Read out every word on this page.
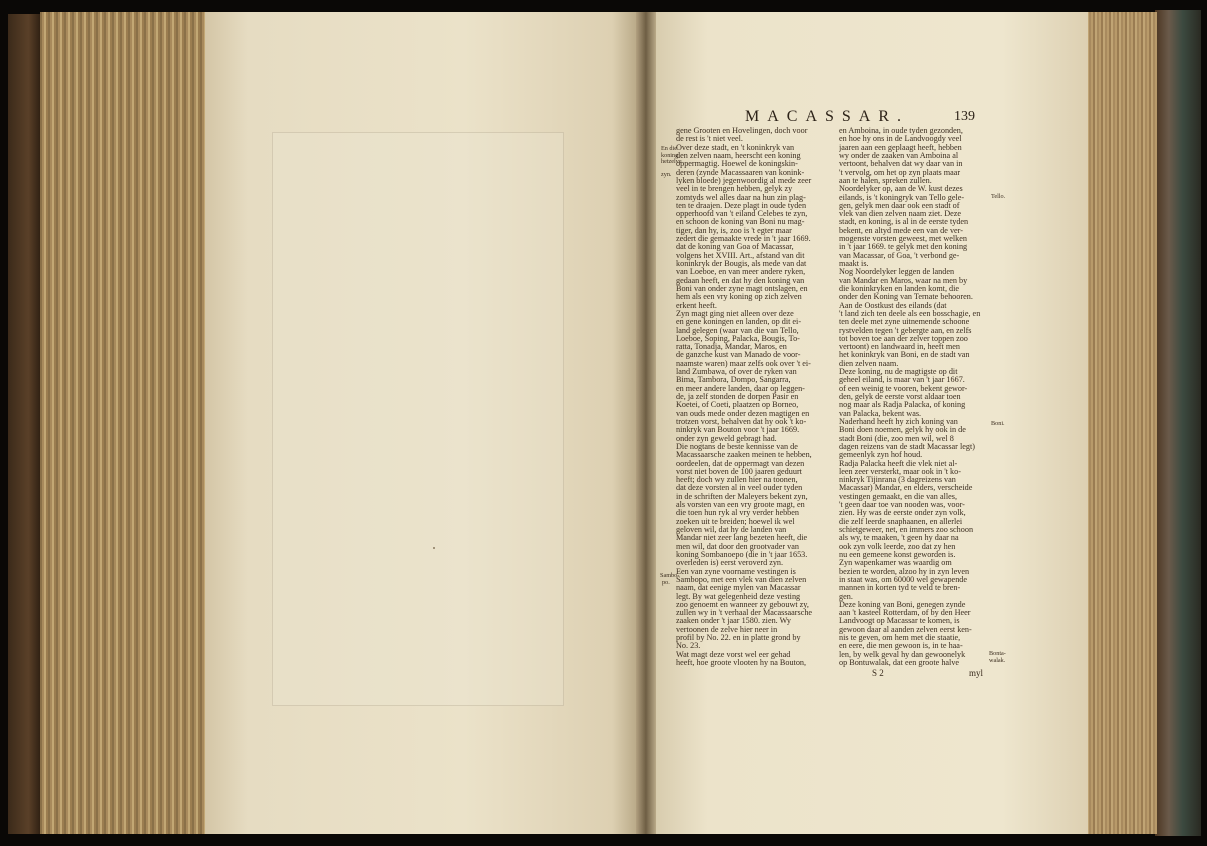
MACASSAR.	139
gene Grooten en Hovelingen, doch voor
de rest is 't niet veel.
Over deze stadt, en 't koninkryk van
den zelven naam, heerscht een koning
oppermagtig. Hoewel de koningskin-
deren (zynde Macassaaren van konink-
lyken bloede) jegenwoordig al mede zeer
veel in te brengen hebben, gelyk zy
zomtyds wel alles daar na hun zin plag-
ten te draajen. Deze plagt in oude tyden
opperhoofd van 't eiland Celebes te zyn,
en schoon de koning van Boni nu mag-
tiger, dan hy, is, zoo is 't egter maar
zedert die gemaakte vrede in 't jaar 1669.
dat de koning van Goa of Macassar,
volgens het XVIII. Art., afstand van dit
koninkryk der Bougis, als mede van dat
van Loeboe, en van meer andere ryken,
gedaan heeft, en dat hy den koning van
Boni van onder zyne magt ontslagen, en
hem als een vry koning op zich zelven
erkent heeft.
Zyn magt ging niet alleen over deze
en gene koningen en landen, op dit ei-
land gelegen (waar van die van Tello,
Loeboe, Soping, Palacka, Bougis, To-
ratta, Tonadja, Mandar, Maros, en
de ganzche kust van Manado de voor-
naamste waren) maar zelfs ook over 't ei-
land Zumbawa, of over de ryken van
Bima, Tambora, Dompo, Sangarra,
en meer andere landen, daar op leggen-
de, ja zelf stonden de dorpen Pasir en
Koetei, of Coeti, plaatzen op Borneo,
van ouds mede onder dezen magtigen en
trotzen vorst, behalven dat hy ook 't ko-
ninkryk van Bouton voor 't jaar 1669.
onder zyn geweld gebragt had.
Die nogtans de beste kennisse van de
Macassaarsche zaaken meinen te hebben,
oordeelen, dat de oppermagt van dezen
vorst niet boven de 100 jaaren geduurt
heeft; doch wy zullen hier na toonen,
dat deze vorsten al in veel ouder tyden
in de schriften der Maleyers bekent zyn,
als vorsten van een vry groote magt, en
die toen hun ryk al vry verder hebben
zoeken uit te breiden; hoewel ik wel
geloven wil, dat hy de landen van
Mandar niet zeer lang bezeten heeft, die
men wil, dat door den grootvader van
koning Sombanoepo (die in 't jaar 1653.
overleden is) eerst veroverd zyn.
Een van zyne voorname vestingen is
Sambopo, met een vlek van dien zelven
naam, dat eenige mylen van Macassar
legt. By wat gelegenheid deze vesting
zoo genoemt en wanneer zy gebouwt zy,
zullen wy in 't verhaal der Macassaarsche
zaaken onder 't jaar 1580. zien. Wy
vertoonen de zelve hier neer in
profil by No. 22. en in platte grond by
No. 23.
Wat magt deze vorst wel eer gehad
heeft, hoe groote vlooten hy na Bouton,
en Amboina, in oude tyden gezonden,
en hoe hy ons in de Landvoogdy veel
jaaren aan een geplaagt heeft, hebben
wy onder de zaaken van Amboina al
vertoont, behalven dat wy daar van in
't vervolg, om het op zyn plaats maar
aan te halen, spreken zullen.
Noordelyker op, aan de W. kust dezes
eilands, is 't koningryk van Tello gele-
gen, gelyk men daar ook een stadt of
vlek van dien zelven naam ziet. Deze
stadt, en koning, is al in de eerste tyden
bekent, en altyd mede een van de ver-
mogenste vorsten geweest, met welken
in 't jaar 1669. te gelyk met den koning
van Macassar, of Goa, 't verbond ge-
maakt is.
Nog Noordelyker leggen de landen
van Mandar en Maros, waar na men by
die koninkryken en landen komt, die
onder den Koning van Ternate behooren.
Aan de Oostkust des eilands (dat
't land zich ten deele als een bosschagie, en
ten deele met zyne uitnemende schoone
rystvelden tegen 't gebergte aan, en zelfs
tot boven toe aan der zelver toppen zoo
vertoont) en landwaard in, heeft men
het koninkryk van Boni, en de stadt van
dien zelven naam.
Deze koning, nu de magtigste op dit
geheel eiland, is maar van 't jaar 1667.
of een weinig te vooren, bekent gewor-
den, gelyk de eerste vorst aldaar toen
nog maar als Radja Palacka, of koning
van Palacka, bekent was.
Naderhand heeft hy zich koning van
Boni doen noemen, gelyk hy ook in de
stadt Boni (die, zoo men wil, wel 8
dagen reizens van de stadt Macassar legt)
gemeenlyk zyn hof houd.
Radja Palacka heeft die vlek niet al-
leen zeer versterkt, maar ook in 't ko-
ninkryk Tijinrana (3 dagreizens van
Macassar) Mandar, en elders, verscheide
vestingen gemaakt, en die van alles,
't geen daar toe van nooden was, voor-
zien. Hy was de eerste onder zyn volk,
die zelf leerde snaphaanen, en allerlei
schietgeweer, net, en immers zoo schoon
als wy, te maaken, 't geen hy daar na
ook zyn volk leerde, zoo dat zy hen
nu een gemeene konst geworden is.
Zyn wapenkamer was waardig om
bezien te worden, alzoo hy in zyn leven
in staat was, om 60000 wel gewapende
mannen in korten tyd te veld te bren-
gen.
Deze koning van Boni, genegen zynde
aan 't kasteel Rotterdam, of by den Heer
Landvoogt op Macassar te komen, is
gewoon daar al aanden zelven eerst ken-
nis te geven, om hem met die staatie,
en eere, die men gewoon is, in te haa-
len, by welk geval hy dan gewoonelyk
op Bontuwalak, dat een groote halve
En die koning hetzelve
zyn.
Sambo-
po.
Tello.
Boni.
Bonta-
walak.
S 2	myl
